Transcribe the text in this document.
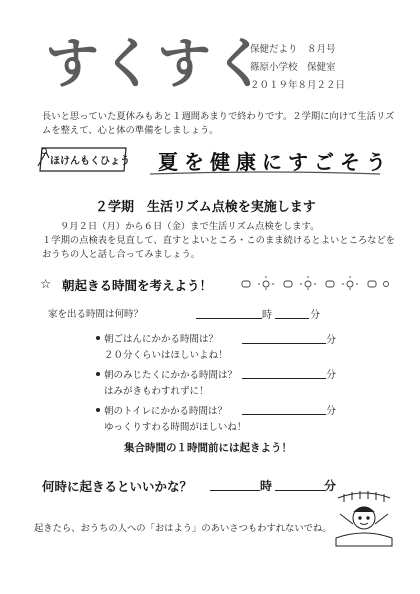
すくすく
保健だより　８月号
篠原小学校　保健室
２０１９年８月２２日
長いと思っていた夏休みもあと１週間あまりで終わりです。２学期に向けて生活リズ
ムを整えて、心と体の準備をしましょう。
ほけんもくひょう 夏を健康にすごそう
２学期　生活リズム点検を実施します
９月２日（月）から６日（金）まで生活リズム点検をします。
１学期の点検表を見直して、直すとよいところ・このまま続けるとよいところなどを
おうちの人と話し合ってみましょう。
☆ 朝起きる時間を考えよう！
家を出る時間は何時？	時	分
朝ごはんにかかる時間は？
２０分くらいはほしいよね！
分
朝のみじたくにかかる時間は？
はみがきもわすれずに！
分
朝のトイレにかかる時間は？
ゆっくりすわる時間がほしいね！
分
集合時間の１時間前には起きよう！
何時に起きるといいかな？	時	分
起きたら、おうちの人への「おはよう」のあいさつもわすれないでね。
